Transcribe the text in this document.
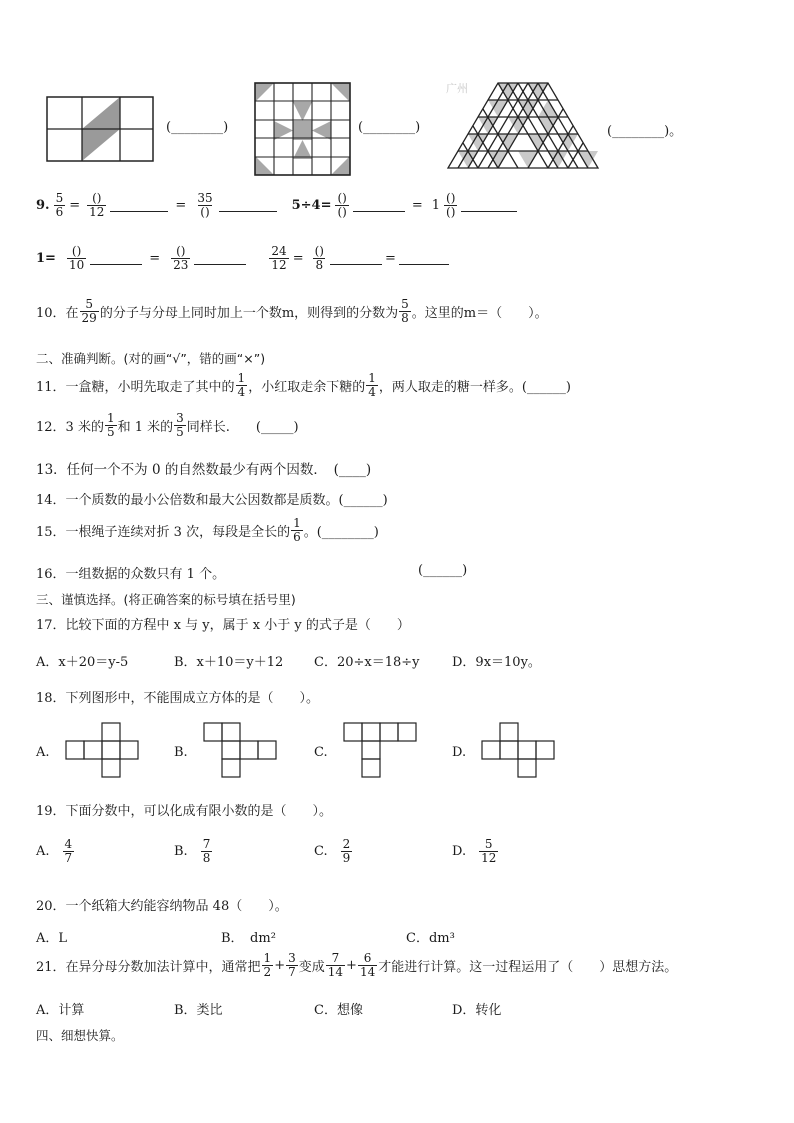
(________)	(________)
广州
(________)。
9. $\frac{5}{6} = \frac{()}{12}$	= $\frac{35}{()}$	$5\div 4= \frac{()}{()}$	= $1 \frac{()}{()}$
$1= \frac{()}{10}$	= $\frac{()}{23}$	$\frac{24}{12} = \frac{()}{8}$	=
10．在 $\frac{5}{29}$ 的分子与分母上同时加上一个数m，则得到的分数为 $\frac{5}{8}$ 。这里的m＝（　　）。
二、准确判断。(对的画“√”，错的画“×”)
11．一盒糖，小明先取走了其中的 $\frac{1}{4}$ ，小红取走余下糖的 $\frac{1}{4}$ ，两人取走的糖一样多。(______)
12．3 米的 $\frac{1}{5}$ 和 1 米的 $\frac{3}{5}$ 同样长.　　(_____)
13．任何一个不为 0 的自然数最少有两个因数．　(____)
14．一个质数的最小公倍数和最大公因数都是质数。(______)
15．一根绳子连续对折 3 次，每段是全长的 $\frac{1}{6}$ 。(________)
16．一组数据的众数只有 1 个。	(______)
三、谨慎选择。(将正确答案的标号填在括号里)
17．比较下面的方程中 x 与 y，属于 x 小于 y 的式子是（　　）
A．x＋20＝y-5	B．x＋10＝y＋12 C．20÷x＝18÷y	D．9x＝10y。
18．下列图形中，不能围成立方体的是（　　）。
A.	B.	C.	D.
19．下面分数中，可以化成有限小数的是（　　）。
A. $\frac{4}{7}$	B. $\frac{7}{8}$	C. $\frac{2}{9}$	D. $\frac{5}{12}$
20．一个纸箱大约能容纳物品 48（　　）。
A．L	B．　dm²	C．dm³
21．在异分母分数加法计算中，通常把 $\frac{1}{2} + \frac{3}{7}$ 变成 $\frac{7}{14} + \frac{6}{14}$ 才能进行计算。这一过程运用了（　　）思想方法。
A．计算	B．类比	C．想像	D．转化
四、细想快算。
